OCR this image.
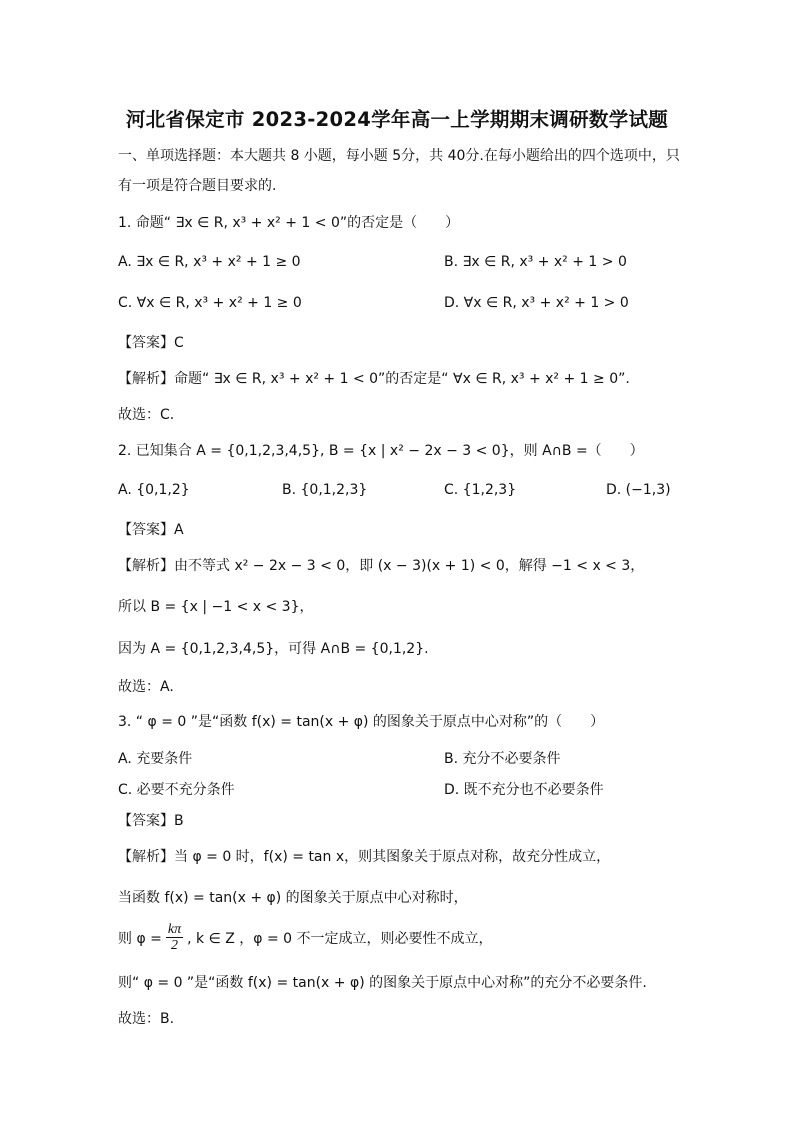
河北省保定市 2023-2024学年高一上学期期末调研数学试题
一、单项选择题：本大题共 8 小题，每小题 5分，共 40分.在每小题给出的四个选项中，只
有一项是符合题目要求的.
1. 命题“ ∃x ∈ R, x³ + x² + 1 < 0”的否定是（　　）
A. ∃x ∈ R, x³ + x² + 1 ≥ 0	B. ∃x ∈ R, x³ + x² + 1 > 0
C. ∀x ∈ R, x³ + x² + 1 ≥ 0	D. ∀x ∈ R, x³ + x² + 1 > 0
【答案】C
【解析】命题“ ∃x ∈ R, x³ + x² + 1 < 0”的否定是“ ∀x ∈ R, x³ + x² + 1 ≥ 0”.
故选：C.
2. 已知集合 A = {0,1,2,3,4,5}, B = {x | x² − 2x − 3 < 0}，则 A∩B =（　　）
A. {0,1,2}	B. {0,1,2,3}	C. {1,2,3}	D. (−1,3)
【答案】A
【解析】由不等式 x² − 2x − 3 < 0，即 (x − 3)(x + 1) < 0，解得 −1 < x < 3，
所以 B = {x | −1 < x < 3}，
因为 A = {0,1,2,3,4,5}，可得 A∩B = {0,1,2}.
故选：A.
3. “ φ = 0 ”是“函数 f(x) = tan(x + φ) 的图象关于原点中心对称”的（　　）
A. 充要条件	B. 充分不必要条件
C. 必要不充分条件	D. 既不充分也不必要条件
【答案】B
【解析】当 φ = 0 时，f(x) = tan x，则其图象关于原点对称，故充分性成立，
当函数 f(x) = tan(x + φ) 的图象关于原点中心对称时，
则 $\varphi = \frac{k\pi}{2}$ , k ∈ Z ，φ = 0 不一定成立，则必要性不成立，
则“ φ = 0 ”是“函数 f(x) = tan(x + φ) 的图象关于原点中心对称”的充分不必要条件.
故选：B.
